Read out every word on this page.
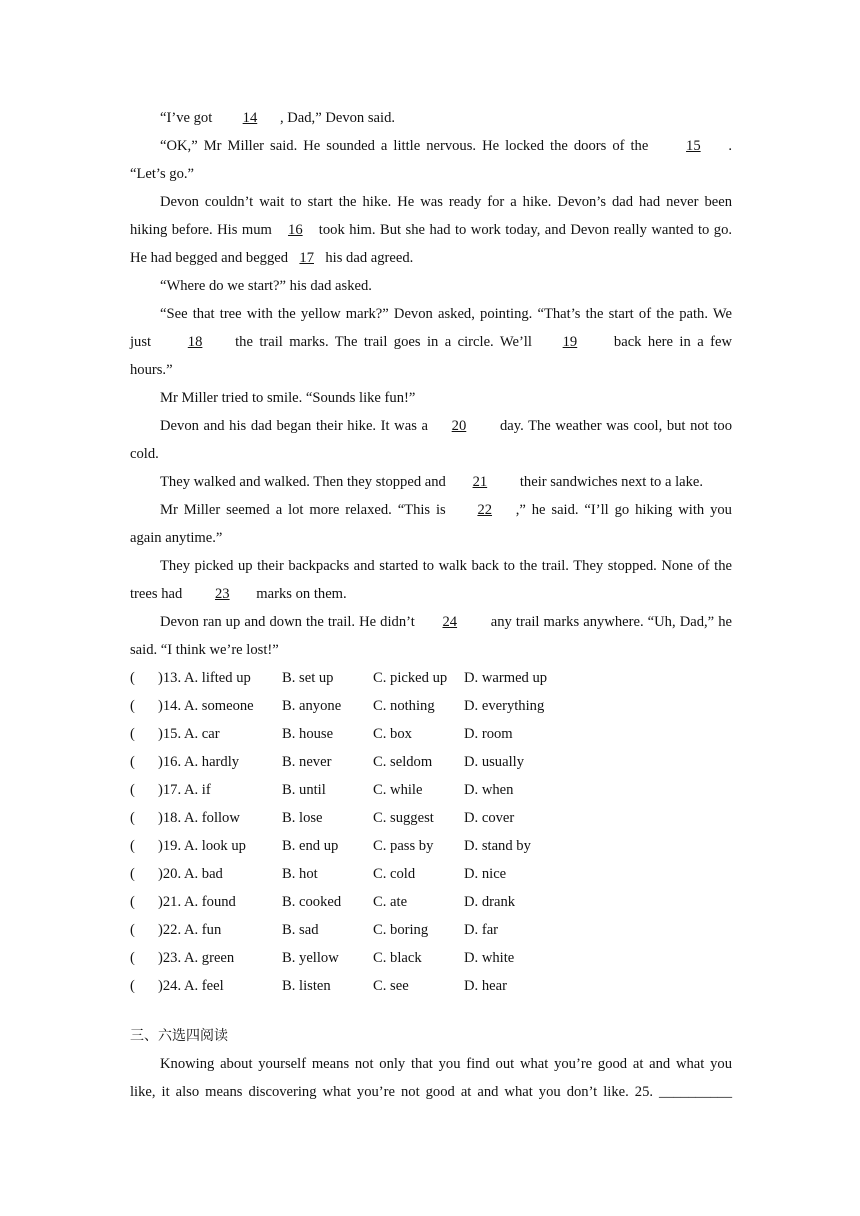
“I’ve got 14 , Dad,” Devon said.

“OK,” Mr Miller said. He sounded a little nervous. He locked the doors of the	15 . “Let’s go.”

Devon couldn’t wait to start the hike. He was ready for a hike. Devon’s dad had never been hiking before. His mum 16 took him. But she had to work today, and Devon really wanted to go. He had begged and begged 17 his dad agreed.

“Where do we start?” his dad asked.

“See that tree with the yellow mark?” Devon asked, pointing. “That’s the start of the path. We just	18 the trail marks. The trail goes in a circle. We’ll 19	back here in a few hours.”

Mr Miller tried to smile. “Sounds like fun!”

Devon and his dad began their hike. It was a 20 day. The weather was cool, but not too cold.

They walked and walked. Then they stopped and 21 their sandwiches next to a lake.

Mr Miller seemed a lot more relaxed. “This is 22 ,” he said. “I’ll go hiking with you again anytime.”

They picked up their backpacks and started to walk back to the trail. They stopped. None of the trees had 23 marks on them.

Devon ran up and down the trail. He didn’t 24 any trail marks anywhere. “Uh, Dad,” he said. “I think we’re lost!”

(	)13. A. lifted up	B. set up	C. picked up	D. warmed up
(	)14. A. someone	B. anyone	C. nothing	D. everything
(	)15. A. car	B. house	C. box	D. room
(	)16. A. hardly	B. never	C. seldom	D. usually
(	)17. A. if	B. until	C. while	D. when
(	)18. A. follow	B. lose	C. suggest	D. cover
(	)19. A. look up	B. end up	C. pass by	D. stand by
(	)20. A. bad	B. hot	C. cold	D. nice
(	)21. A. found	B. cooked	C. ate	D. drank
(	)22. A. fun	B. sad	C. boring	D. far
(	)23. A. green	B. yellow	C. black	D. white
(	)24. A. feel	B. listen	C. see	D. hear
三、六选四阅读

Knowing about yourself means not only that you find out what you’re good at and what you

like, it also means discovering what you’re not good at and what you don’t like. 25. __________
